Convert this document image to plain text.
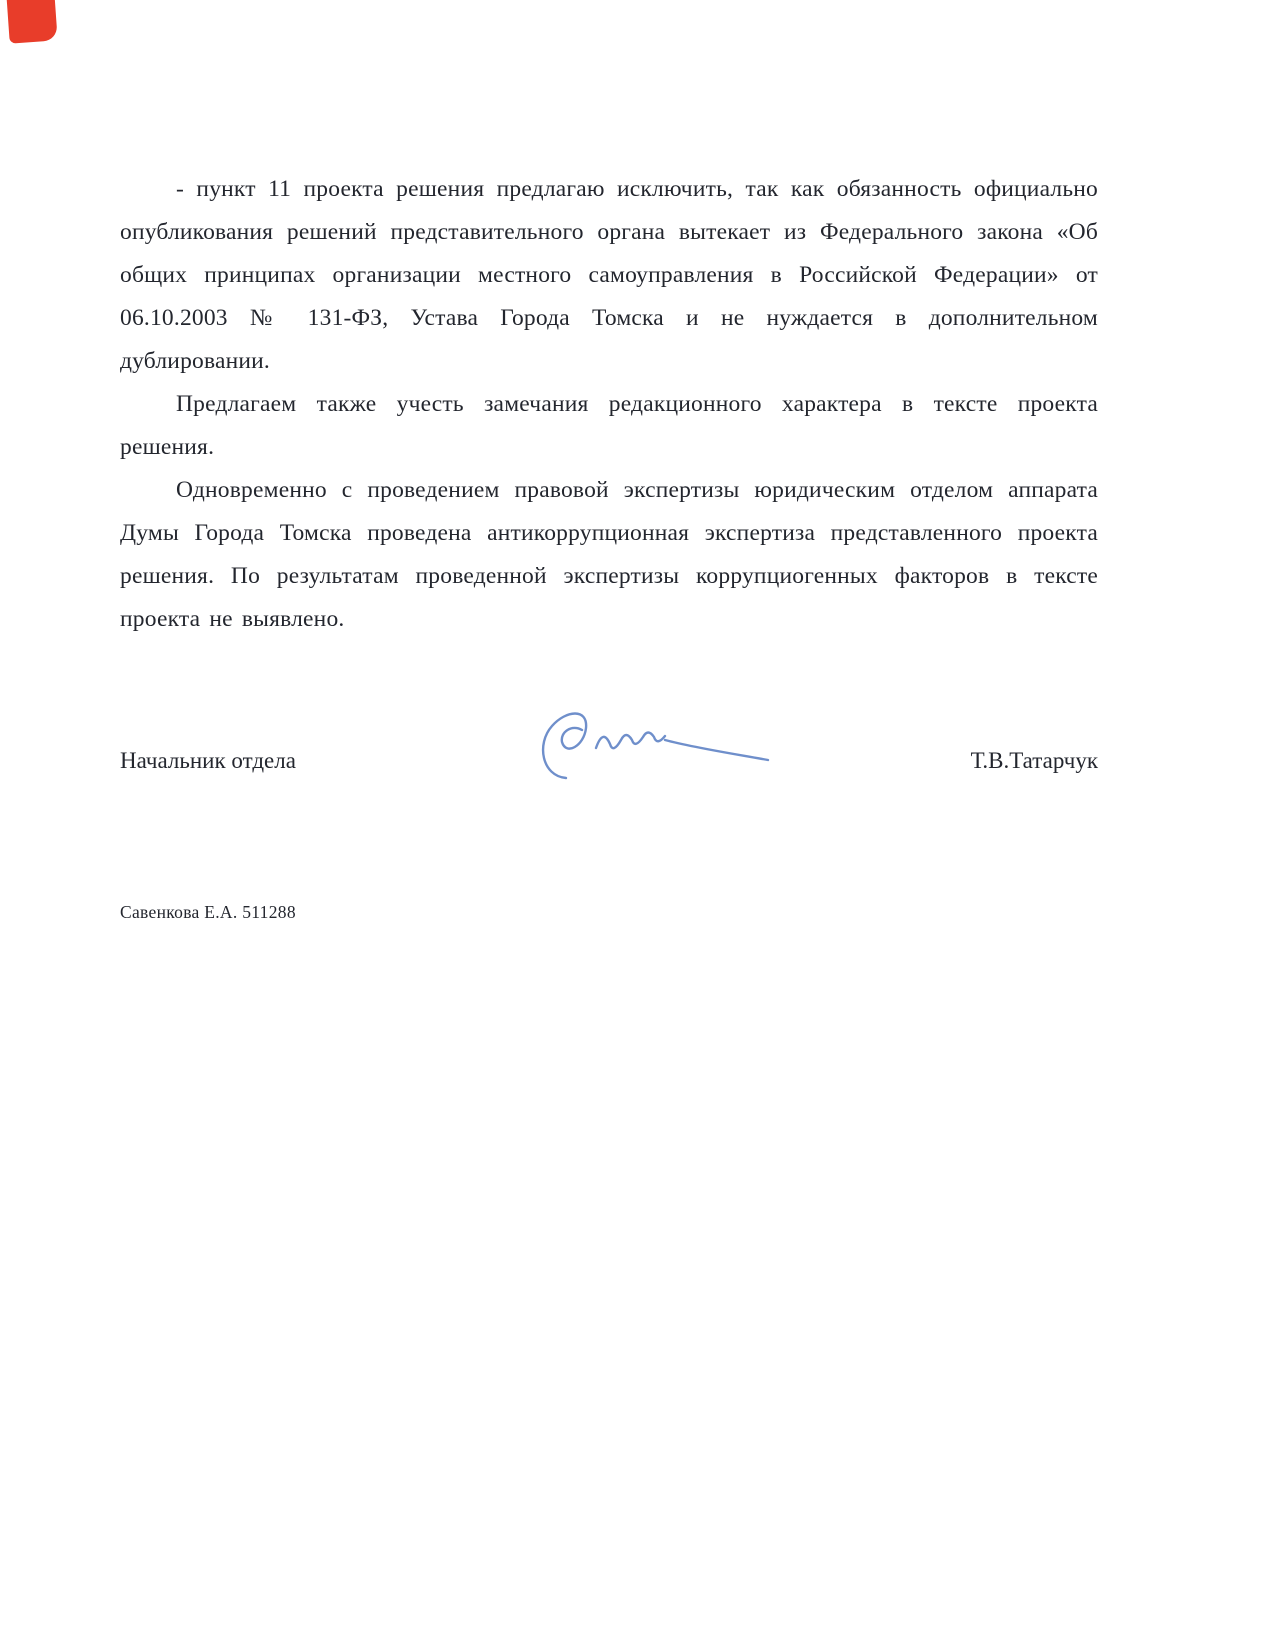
- пункт 11 проекта решения предлагаю исключить, так как обязанность официально опубликования решений представительного органа вытекает из Федерального закона «Об общих принципах организации местного самоуправления в Российской Федерации» от 06.10.2003 № 131-ФЗ, Устава Города Томска и не нуждается в дополнительном дублировании.

Предлагаем также учесть замечания редакционного характера в тексте проекта решения.

Одновременно с проведением правовой экспертизы юридическим отделом аппарата Думы Города Томска проведена антикоррупционная экспертиза представленного проекта решения. По результатам проведенной экспертизы коррупциогенных факторов в тексте проекта не выявлено.

Начальник отдела	Т.В.Татарчук
Савенкова Е.А. 511288
